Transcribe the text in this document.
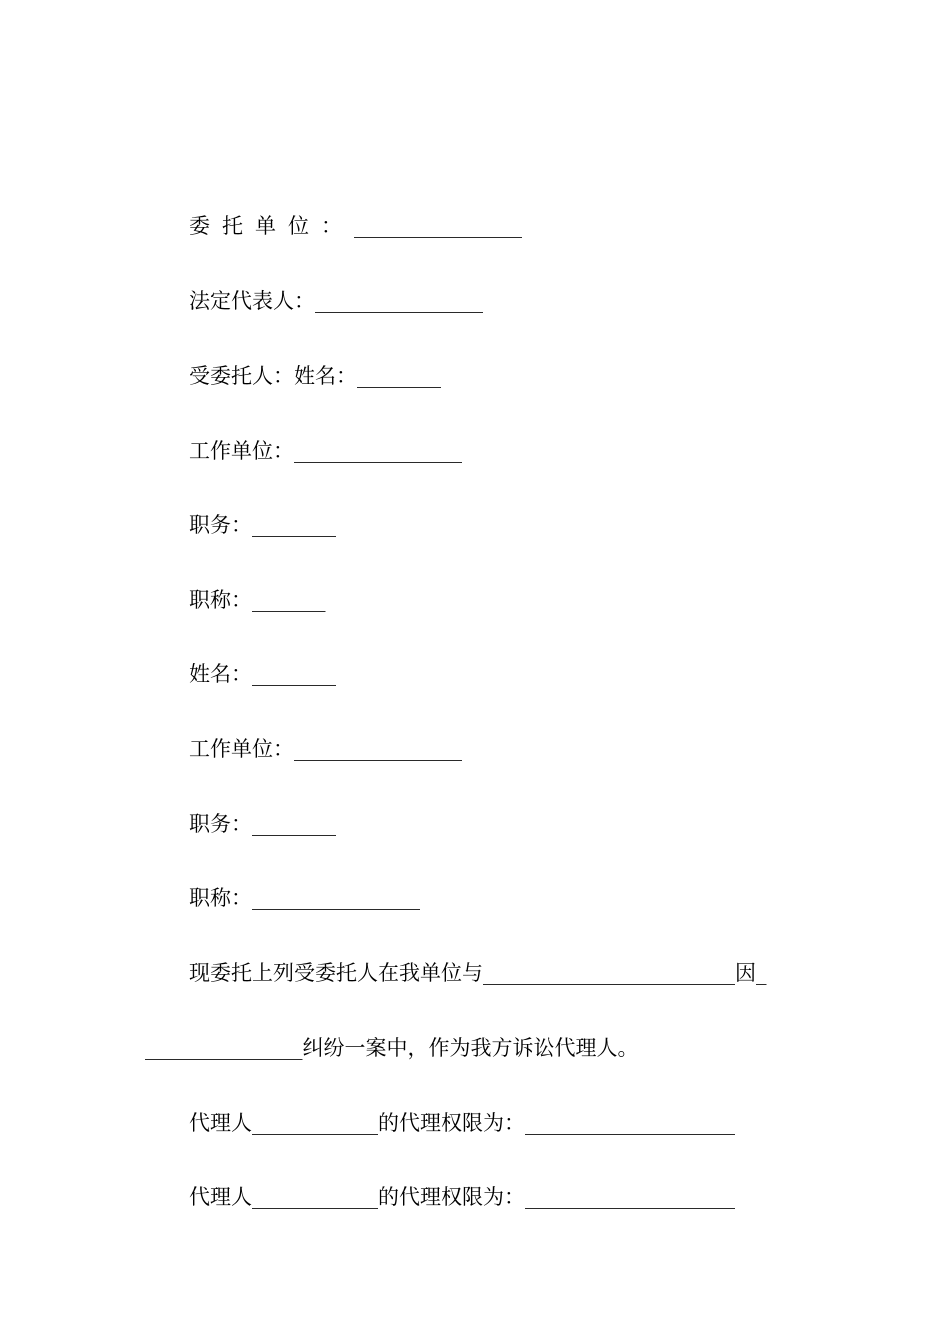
委托单位：________________
法定代表人：________________
受委托人：姓名：________
工作单位：________________
职务：________
职称：_______
姓名：________
工作单位：________________
职务：________
职称：________________
现委托上列受委托人在我单位与________________________因_
_______________纠纷一案中，作为我方诉讼代理人。
代理人____________的代理权限为：____________________
代理人____________的代理权限为：____________________
